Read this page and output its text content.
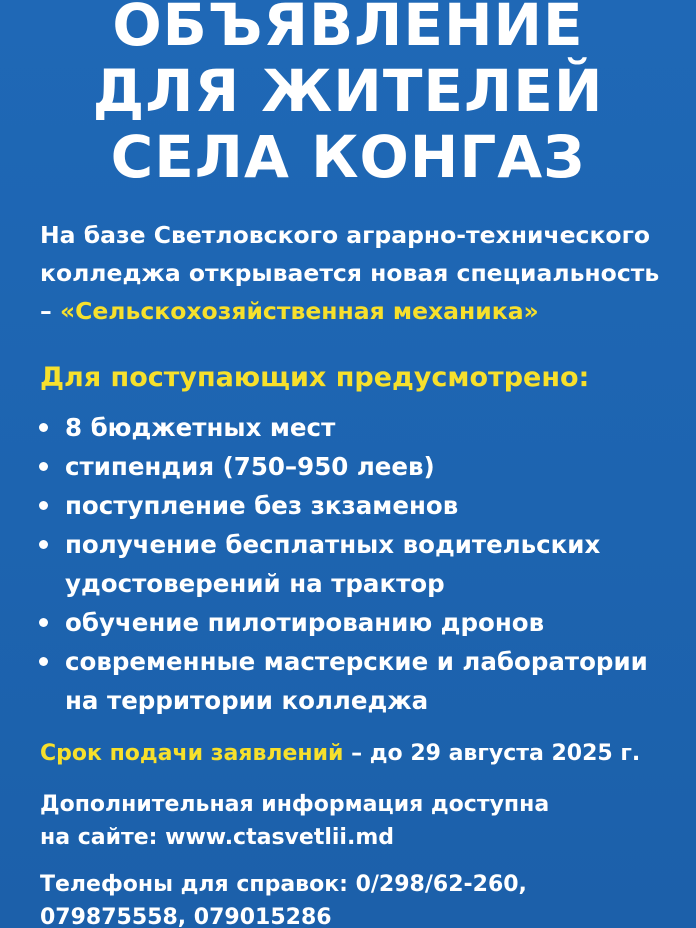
ОБЪЯВЛЕНИЕ
ДЛЯ ЖИТЕЛЕЙ
СЕЛА КОНГАЗ
На базе Светловского аграрно-технического
колледжа открывается новая специальность
– «Сельскохозяйственная механика»
Для поступающих предусмотрено:
8 бюджетных мест
стипендия (750–950 леев)
поступление без зкзаменов
получение бесплатных водительских
удостоверений на трактор
обучение пилотированию дронов
современные мастерские и лаборатории
на территории колледжа
Срок подачи заявлений – до 29 августа 2025 г.
Дополнительная информация доступна
на сайте: www.ctasvetlii.md
Телефоны для справок: 0/298/62-260,
079875558, 079015286
